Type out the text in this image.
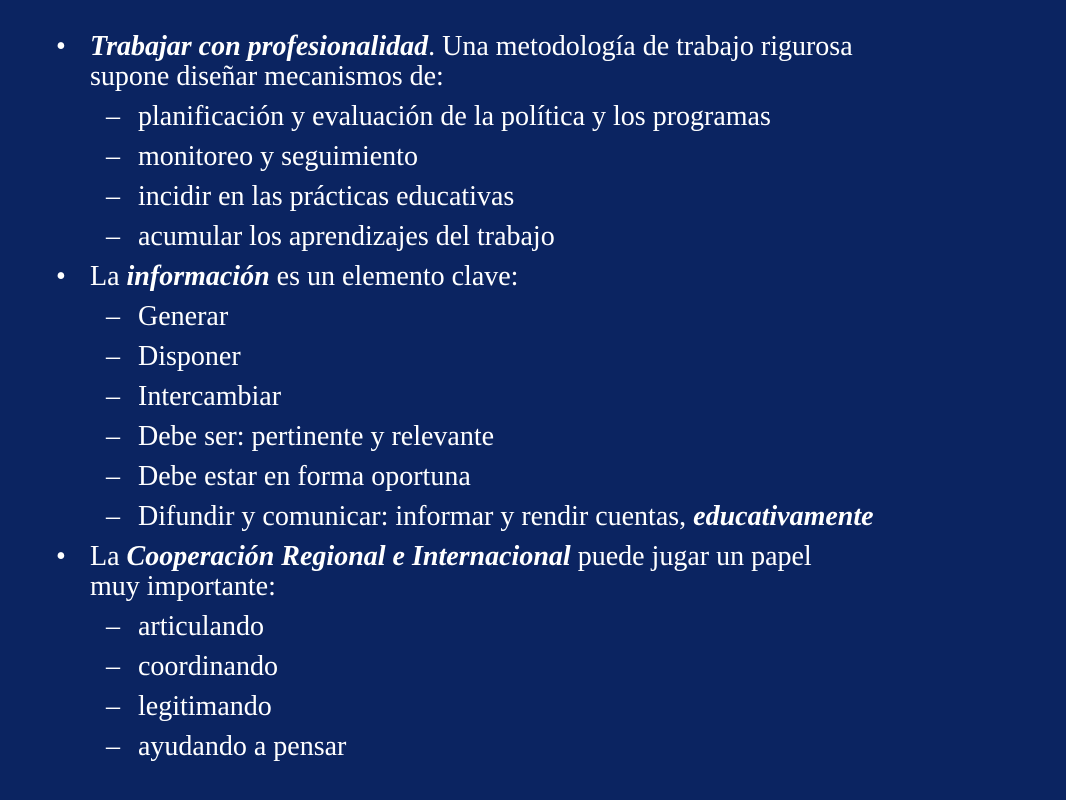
• Trabajar con profesionalidad. Una metodología de trabajo rigurosa
supone diseñar mecanismos de:
– planificación y evaluación de la política y los programas
– monitoreo y seguimiento
– incidir en las prácticas educativas
– acumular los aprendizajes del trabajo
• La información es un elemento clave:
– Generar
– Disponer
– Intercambiar
– Debe ser: pertinente y relevante
– Debe estar en forma oportuna
– Difundir y comunicar: informar y rendir cuentas, educativamente
• La Cooperación Regional e Internacional puede jugar un papel
muy importante:
– articulando
– coordinando
– legitimando
– ayudando a pensar
